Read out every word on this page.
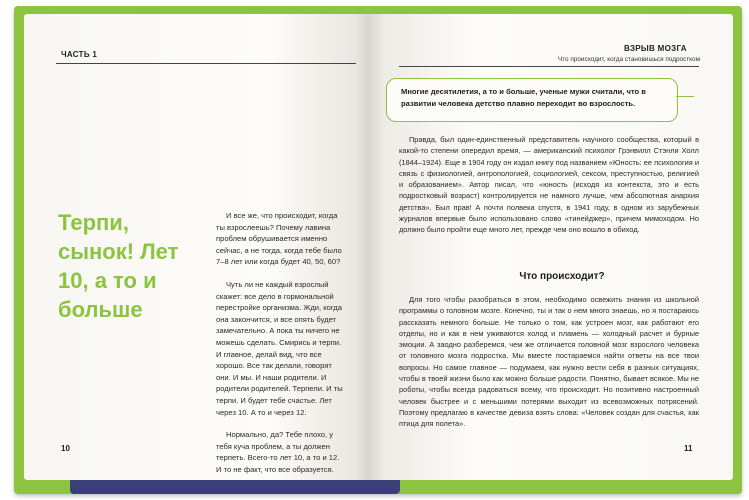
ЧАСТЬ 1
Терпи, сынок! Лет 10, а то и больше

И все же, что происходит, когда ты взрослеешь? Почему лавина проблем обрушивается именно сейчас, а не тогда, когда тебе было 7–8 лет или когда будет 40, 50, 60?

Чуть ли не каждый взрослый скажет: все дело в гормональной перестройке организма. Жди, когда она закончится, и все опять будет замечательно. А пока ты ничего не можешь сделать. Смирись и терпи. И главное, делай вид, что все хорошо. Все так делали, говорят они. И мы. И наши родители. И родители родителей. Терпели. И ты терпи. И будет тебе счастье. Лет через 10. А то и через 12.

Нормально, да? Тебе плохо, у тебя куча проблем, а ты должен терпеть. Всего-то лет 10, а то и 12. И то не факт, что все образуется.

10
ВЗРЫВ МОЗГА
Что происходит, когда становишься подростком
Многие десятилетия, а то и больше, ученые мужи считали, что в развитии человека детство плавно переходит во взрослость.
Правда, был один-единственный представитель научного сообщества, который в какой-то степени опередил время, — американский психолог Грэнвилл Стэнли Холл (1844–1924). Еще в 1904 году он издал книгу под названием «Юность: ее психология и связь с физиологией, антропологией, социологией, сексом, преступностью, религией и образованием». Автор писал, что «юность (исходя из контекста, это и есть подростковый возраст) контролируется не намного лучше, чем абсолютная анархия детства». Был прав! А почти полвека спустя, в 1941 году, в одном из зарубежных журналов впервые было использовано слово «тинейджер», причем мимоходом. Но должно было пройти еще много лет, прежде чем оно вошло в обиход.
Что происходит?
Для того чтобы разобраться в этом, необходимо освежить знания из школьной программы о головном мозге. Конечно, ты и так о нем много знаешь, но я постараюсь рассказать немного больше. Не только о том, как устроен мозг, как работают его отделы, но и как в нем уживаются холод и пламень — холодный расчет и бурные эмоции. А заодно разберемся, чем же отличается головной мозг взрослого человека от головного мозга подростка. Мы вместе постараемся найти ответы на все твои вопросы. Но самое главное — подумаем, как нужно вести себя в разных ситуациях, чтобы в твоей жизни было как можно больше радости. Понятно, бывает всякое. Мы не роботы, чтобы всегда радоваться всему, что происходит. Но позитивно настроенный человек быстрее и с меньшими потерями выходит из всевозможных потрясений. Поэтому предлагаю в качестве девиза взять слова: «Человек создан для счастья, как птица для полета».
11
